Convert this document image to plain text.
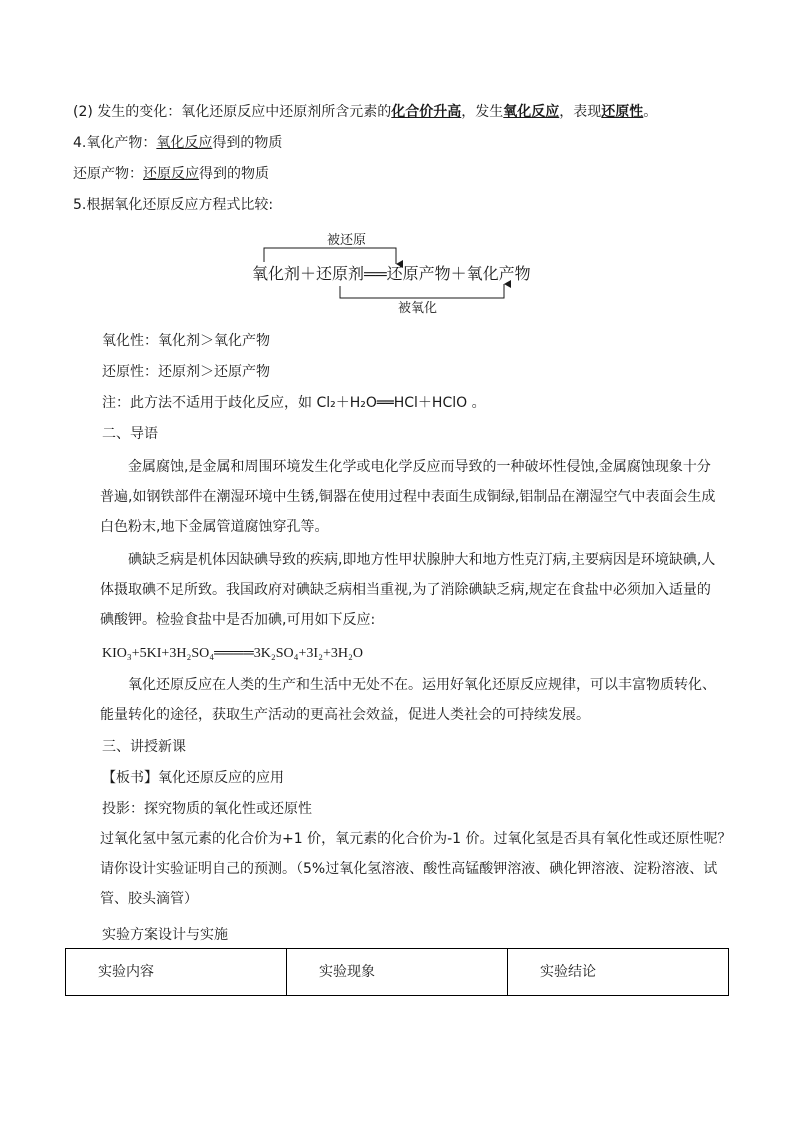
(2) 发生的变化：氧化还原反应中还原剂所含元素的化合价升高，发生氧化反应，表现还原性。
4.氧化产物：氧化反应得到的物质
还原产物：还原反应得到的物质
5.根据氧化还原反应方程式比较:
被还原
氧化剂＋还原剂══还原产物＋氧化产物
被氧化
氧化性：氧化剂＞氧化产物
还原性：还原剂＞还原产物
注：此方法不适用于歧化反应，如 Cl₂＋H₂O══HCl＋HClO 。
二、导语
金属腐蚀,是金属和周围环境发生化学或电化学反应而导致的一种破坏性侵蚀,金属腐蚀现象十分普遍,如钢铁部件在潮湿环境中生锈,铜器在使用过程中表面生成铜绿,铝制品在潮湿空气中表面会生成白色粉末,地下金属管道腐蚀穿孔等。
碘缺乏病是机体因缺碘导致的疾病,即地方性甲状腺肿大和地方性克汀病,主要病因是环境缺碘,人体摄取碘不足所致。我国政府对碘缺乏病相当重视,为了消除碘缺乏病,规定在食盐中必须加入适量的碘酸钾。检验食盐中是否加碘,可用如下反应:
KIO₃+5KI+3H₂SO₄════3K₂SO₄+3I₂+3H₂O
氧化还原反应在人类的生产和生活中无处不在。运用好氧化还原反应规律，可以丰富物质转化、能量转化的途径，获取生产活动的更高社会效益，促进人类社会的可持续发展。
三、讲授新课
【板书】氧化还原反应的应用
投影：探究物质的氧化性或还原性
过氧化氢中氢元素的化合价为+1 价，氧元素的化合价为-1 价。过氧化氢是否具有氧化性或还原性呢？请你设计实验证明自己的预测。（5%过氧化氢溶液、酸性高锰酸钾溶液、碘化钾溶液、淀粉溶液、试管、胶头滴管）
实验方案设计与实施
实验内容	实验现象	实验结论
